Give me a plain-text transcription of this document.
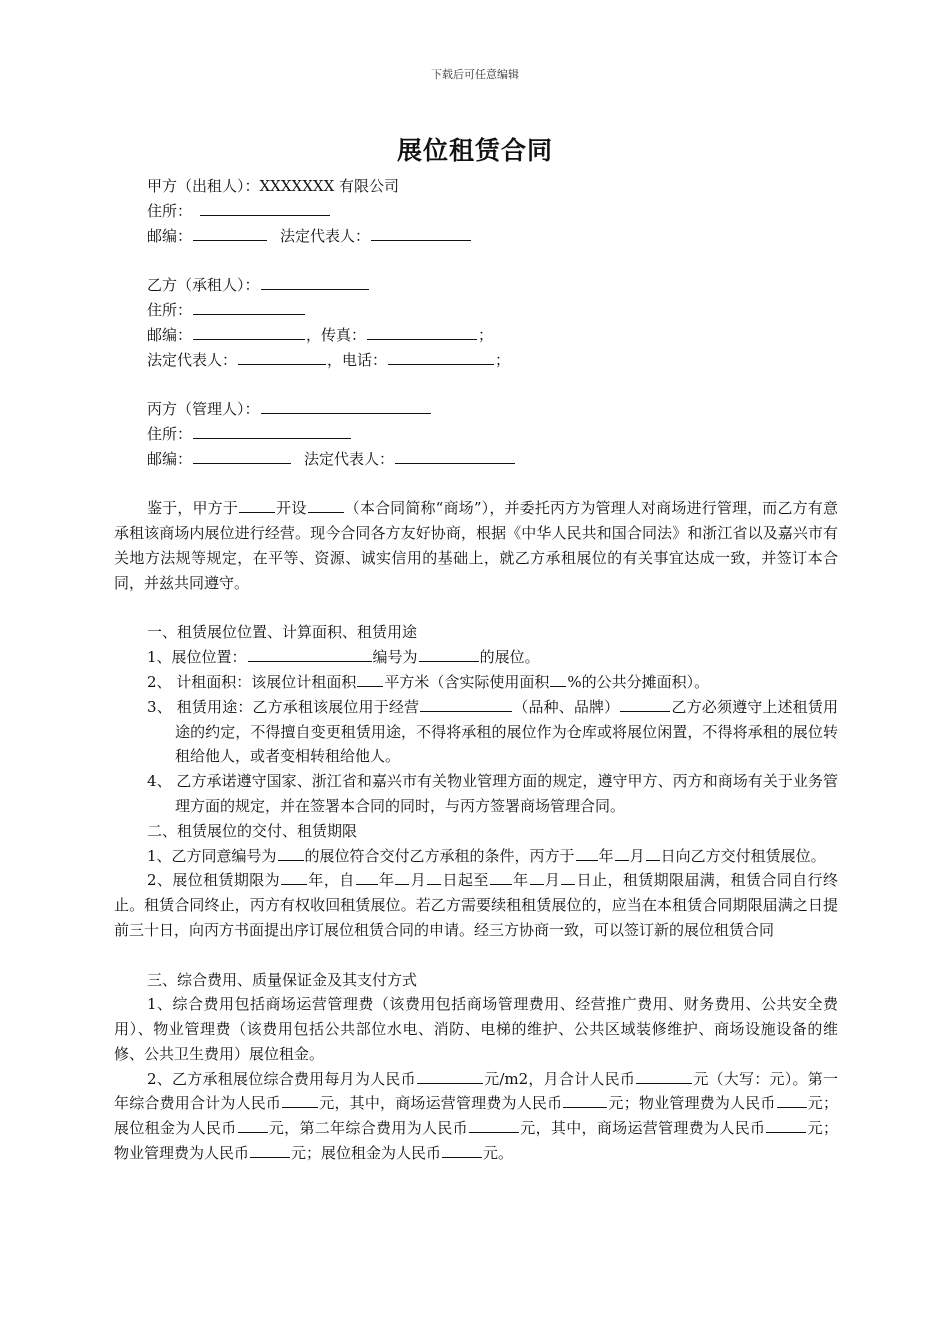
下载后可任意编辑
展位租赁合同
甲方（出租人）：XXXXXXX 有限公司
住所：
邮编：	法定代表人：
乙方（承租人）：
住所：
邮编：	，传真：	；
法定代表人：	，电话：	；
丙方（管理人）：
住所：
邮编：	法定代表人：
鉴于，甲方于	开设	（本合同简称“商场”），并委托丙方为管理人对商场进行管理，而乙方有意承租该商场内展位进行经营。现今合同各方友好协商，根据《中华人民共和国合同法》和浙江省以及嘉兴市有关地方法规等规定，在平等、资源、诚实信用的基础上，就乙方承租展位的有关事宜达成一致，并签订本合同，并兹共同遵守。
一、租赁展位位置、计算面积、租赁用途
1、展位位置：	编号为	的展位。
2、 计租面积：该展位计租面积 平方米（含实际使用面积 %的公共分摊面积）。
3、 租赁用途：乙方承租该展位用于经营	（品种、品牌）	乙方必须遵守上述租赁用途的约定，不得擅自变更租赁用途，不得将承租的展位作为仓库或将展位闲置，不得将承租的展位转租给他人，或者变相转租给他人。
4、 乙方承诺遵守国家、浙江省和嘉兴市有关物业管理方面的规定，遵守甲方、丙方和商场有关于业务管理方面的规定，并在签署本合同的同时，与丙方签署商场管理合同。
二、租赁展位的交付、租赁期限
1、乙方同意编号为 的展位符合交付乙方承租的条件，丙方于 年 月 日向乙方交付租赁展位。
2、展位租赁期限为 年，自 年 月 日起至 年 月 日止，租赁期限届满，租赁合同自行终止。租赁合同终止，丙方有权收回租赁展位。若乙方需要续租租赁展位的，应当在本租赁合同期限届满之日提前三十日，向丙方书面提出序订展位租赁合同的申请。经三方协商一致，可以签订新的展位租赁合同
三、综合费用、质量保证金及其支付方式
1、综合费用包括商场运营管理费（该费用包括商场管理费用、经营推广费用、财务费用、公共安全费用）、物业管理费（该费用包括公共部位水电、消防、电梯的维护、公共区域装修维护、商场设施设备的维修、公共卫生费用）展位租金。
2、乙方承租展位综合费用每月为人民币	元/m2，月合计人民币	元（大写：元）。第一年综合费用合计为人民币	元，其中，商场运营管理费为人民币	元；物业管理费为人民币 元；展位租金为人民币 元，第二年综合费用为人民币	元，其中，商场运营管理费为人民币	元；物业管理费为人民币	元；展位租金为人民币	元。
